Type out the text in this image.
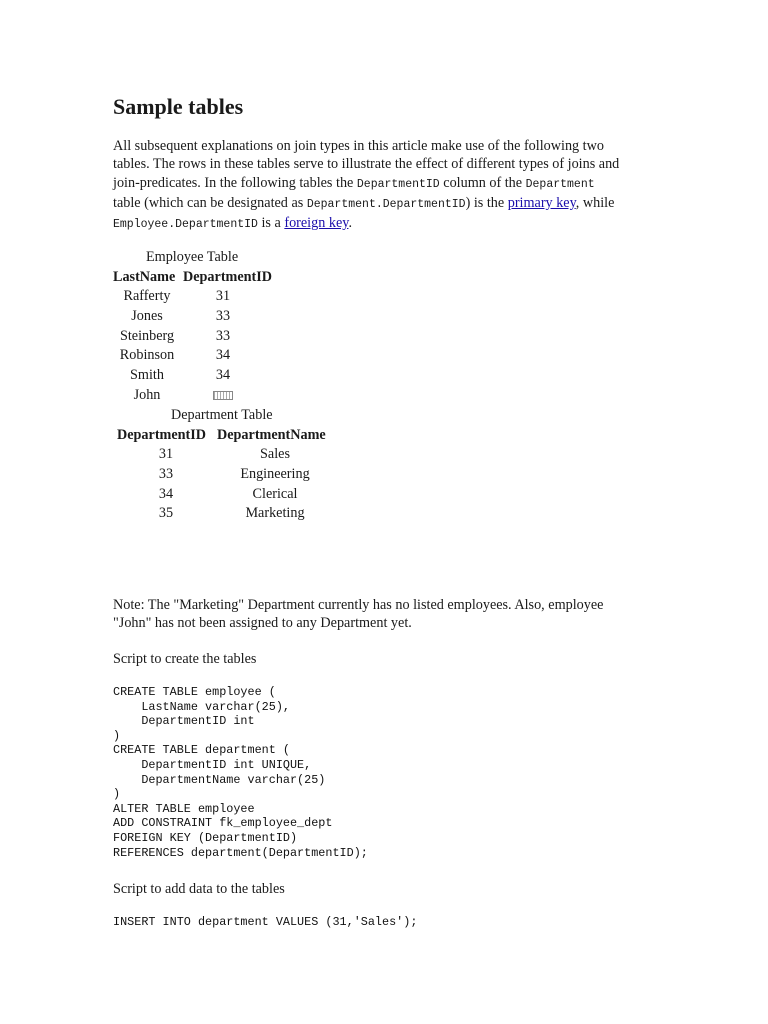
Sample tables

All subsequent explanations on join types in this article make use of the following two
tables. The rows in these tables serve to illustrate the effect of different types of joins and
join-predicates. In the following tables the DepartmentID column of the Department
table (which can be designated as Department.DepartmentID) is the primary key, while
Employee.DepartmentID is a foreign key.

Employee Table
LastName	DepartmentID
Rafferty	31
Jones	33
Steinberg	33
Robinson	34
Smith	34
John	
Department Table
DepartmentID	DepartmentName
31	Sales
33	Engineering
34	Clerical
35	Marketing

Note: The "Marketing" Department currently has no listed employees. Also, employee
"John" has not been assigned to any Department yet.

Script to create the tables

CREATE TABLE employee (
LastName varchar(25),
DepartmentID int
)
CREATE TABLE department (
DepartmentID int UNIQUE,
DepartmentName varchar(25)
)
ALTER TABLE employee
ADD CONSTRAINT fk_employee_dept
FOREIGN KEY (DepartmentID)
REFERENCES department(DepartmentID);

Script to add data to the tables

INSERT INTO department VALUES (31,'Sales');
